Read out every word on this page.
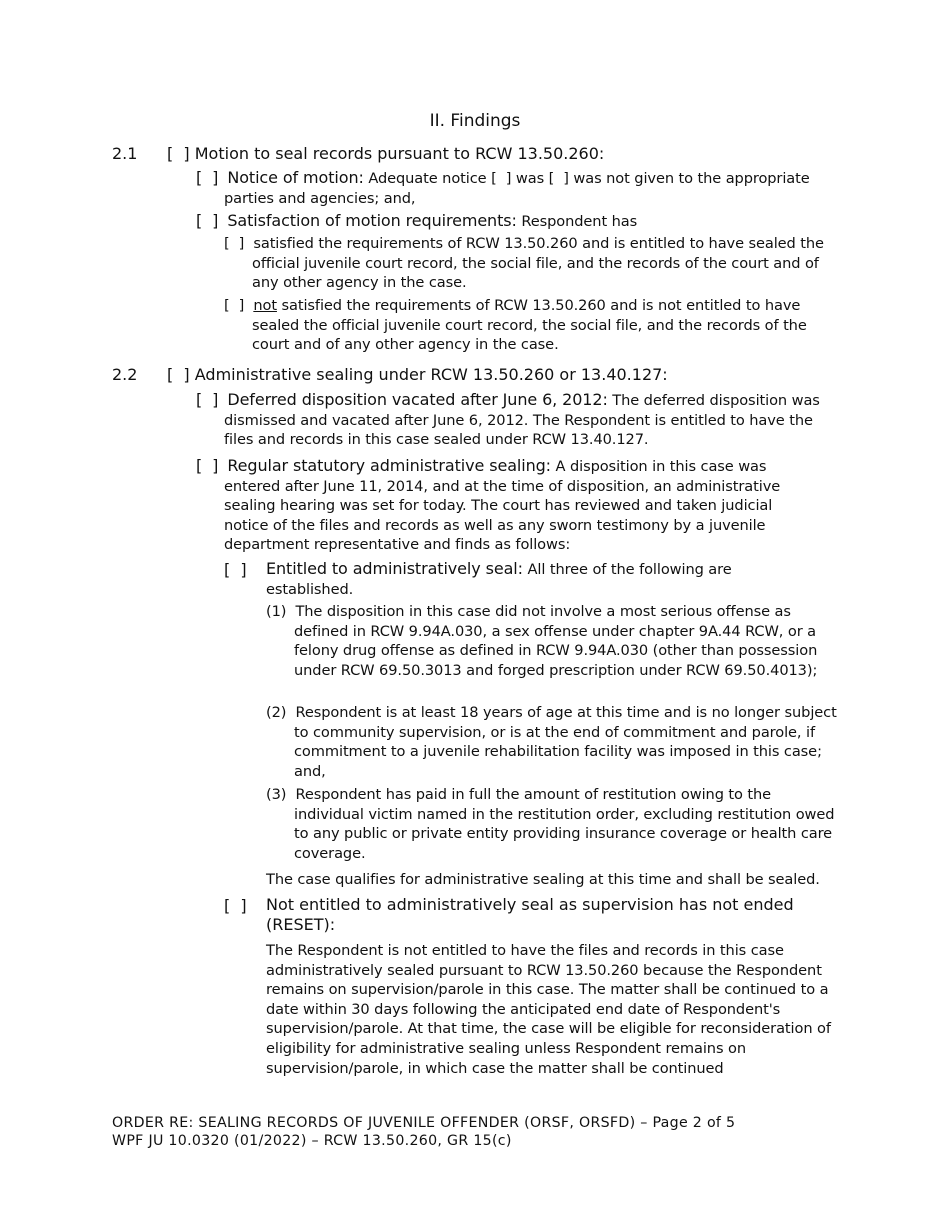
II. Findings
2.1 [  ]
Motion to seal records pursuant to RCW 13.50.260:
[  ] Notice of motion: Adequate notice [  ] was [  ] was not given to the appropriate parties and agencies; and,
[  ] Satisfaction of motion requirements: Respondent has
[  ] satisfied the requirements of RCW 13.50.260 and is entitled to have sealed the official juvenile court record, the social file, and the records of the court and of any other agency in the case.
[  ] not satisfied the requirements of RCW 13.50.260 and is not entitled to have sealed the official juvenile court record, the social file, and the records of the court and of any other agency in the case.
2.2 [  ]
Administrative sealing under RCW 13.50.260 or 13.40.127:
[  ] Deferred disposition vacated after June 6, 2012: The deferred disposition was dismissed and vacated after June 6, 2012. The Respondent is entitled to have the files and records in this case sealed under RCW 13.40.127.
[  ] Regular statutory administrative sealing: A disposition in this case was entered after June 11, 2014, and at the time of disposition, an administrative sealing hearing was set for today. The court has reviewed and taken judicial notice of the files and records as well as any sworn testimony by a juvenile department representative and finds as follows:
[  ] Entitled to administratively seal: All three of the following are established.
(1) The disposition in this case did not involve a most serious offense as defined in RCW 9.94A.030, a sex offense under chapter 9A.44 RCW, or a felony drug offense as defined in RCW 9.94A.030 (other than possession under RCW 69.50.3013 and forged prescription under RCW 69.50.4013);
(2) Respondent is at least 18 years of age at this time and is no longer subject to community supervision, or is at the end of commitment and parole, if commitment to a juvenile rehabilitation facility was imposed in this case; and,
(3) Respondent has paid in full the amount of restitution owing to the individual victim named in the restitution order, excluding restitution owed to any public or private entity providing insurance coverage or health care coverage.
The case qualifies for administrative sealing at this time and shall be sealed.
[  ] Not entitled to administratively seal as supervision has not ended (RESET):
The Respondent is not entitled to have the files and records in this case administratively sealed pursuant to RCW 13.50.260 because the Respondent remains on supervision/parole in this case. The matter shall be continued to a date within 30 days following the anticipated end date of Respondent's supervision/parole. At that time, the case will be eligible for reconsideration of eligibility for administrative sealing unless Respondent remains on supervision/parole, in which case the matter shall be continued
ORDER RE: SEALING RECORDS OF JUVENILE OFFENDER (ORSF, ORSFD) – Page 2 of 5
WPF JU 10.0320 (01/2022) – RCW 13.50.260, GR 15(c)
